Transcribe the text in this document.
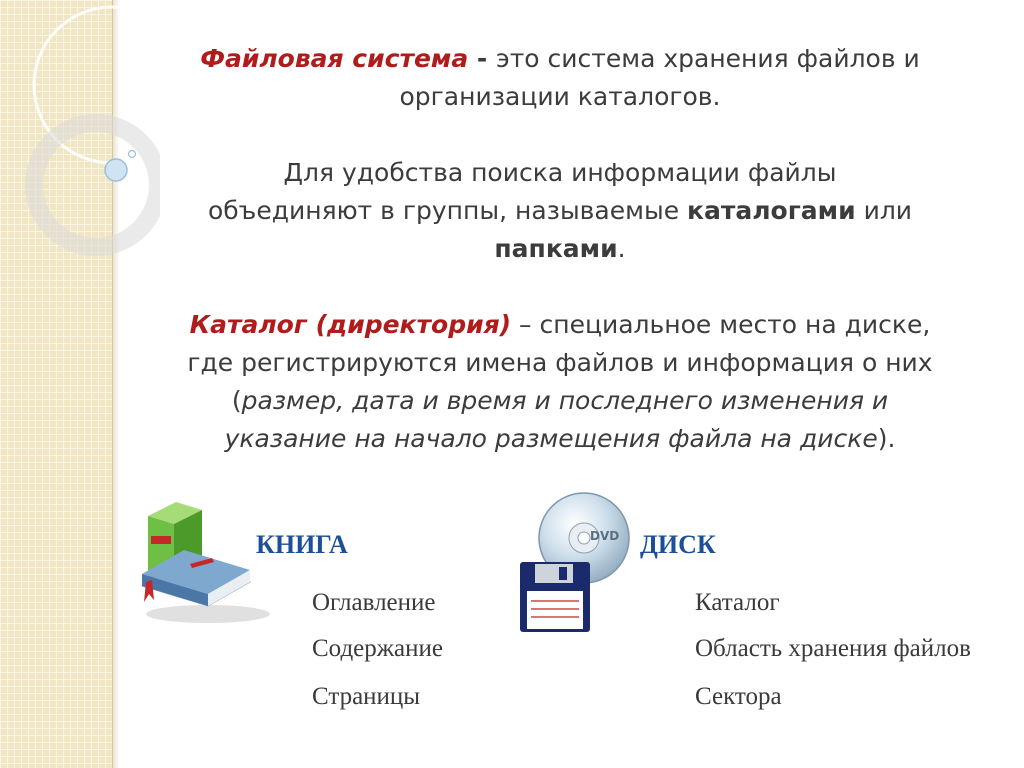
Файловая система - это система хранения файлов и
организации каталогов.

Для удобства поиска информации файлы
объединяют в группы, называемые каталогами или
папками.

Каталог (директория) – специальное место на диске,
где регистрируются имена файлов и информация о них
(размер, дата и время и последнего изменения и
указание на начало размещения файла на диске).

КНИГА
Оглавление
Содержание
Страницы
DVD ДИСК
Каталог
Область хранения файлов
Сектора
